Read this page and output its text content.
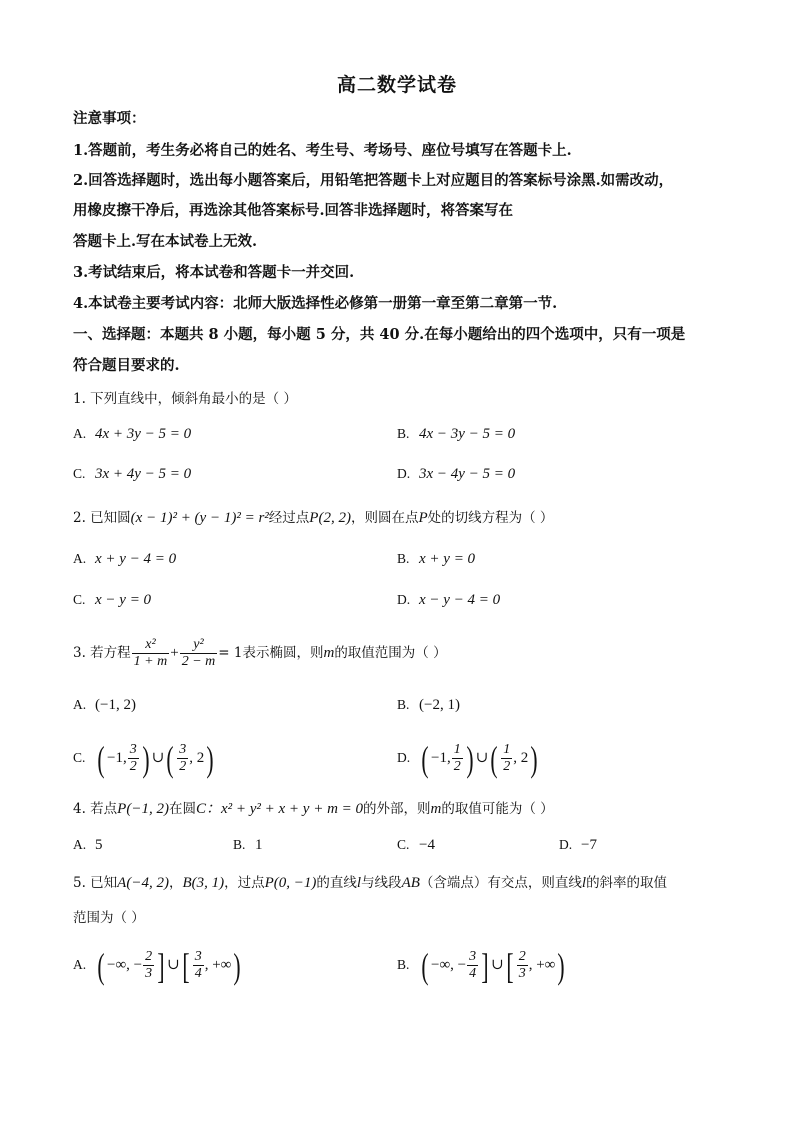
高二数学试卷
注意事项：
1.答题前，考生务必将自己的姓名、考生号、考场号、座位号填写在答题卡上.
2.回答选择题时，选出每小题答案后，用铅笔把答题卡上对应题目的答案标号涂黑.如需改动，
用橡皮擦干净后，再选涂其他答案标号.回答非选择题时，将答案写在
答题卡上.写在本试卷上无效.
3.考试结束后，将本试卷和答题卡一并交回.
4.本试卷主要考试内容：北师大版选择性必修第一册第一章至第二章第一节.
一、选择题：本题共 8 小题，每小题 5 分，共 40 分.在每小题给出的四个选项中，只有一项是
符合题目要求的.
1. 下列直线中，倾斜角最小的是（ ）
A. 4x + 3y − 5 = 0	B. 4x − 3y − 5 = 0
C. 3x + 4y − 5 = 0	D. 3x − 4y − 5 = 0
2. 已知圆(x − 1)² + (y − 1)² = r²经过点P(2, 2)，则圆在点P处的切线方程为（ ）
A. x + y − 4 = 0	B. x + y = 0
C. x − y = 0	D. x − y − 4 = 0
3. 若方程 $\frac{\text{x²}}{1 + m} + \frac{\text{y²}}{2 - m} = 1$表示椭圆，则m的取值范围为（ ）
A. (−1, 2)	B. (−2, 1)
C. ( −1, $\frac{3}{2}$ ) ∪( $\frac{3}{2}$ , 2)	D. ( −1, $\frac{1}{2}$ ) ∪( $\frac{1}{2}$ , 2)
4. 若点P(−1, 2)在圆C：x² + y² + x + y + m = 0的外部，则m的取值可能为（ ）
A. 5	B. 1	C. −4	D. −7
5. 已知A(−4, 2)，B(3, 1)，过点P(0, −1)的直线l与线段AB（含端点）有交点，则直线l的斜率的取值
范围为（ ）
A. ( −∞, − $\frac{2}{3}$ ] ∪[ $\frac{3}{4}$ , +∞)	B. ( −∞, − $\frac{3}{4}$ ] ∪[ $\frac{2}{3}$ , +∞)
